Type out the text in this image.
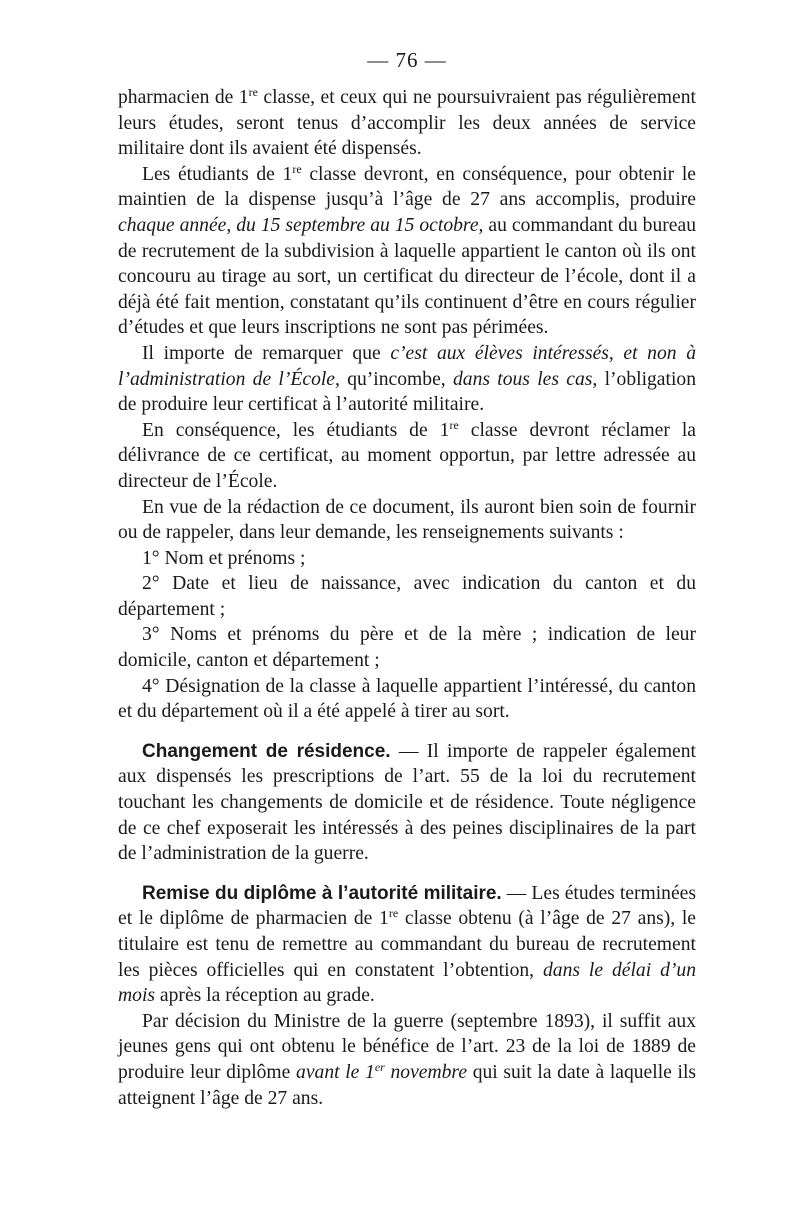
— 76 —

pharmacien de 1re classe, et ceux qui ne poursuivraient pas régulièrement leurs études, seront tenus d’accomplir les deux années de service militaire dont ils avaient été dispensés.

Les étudiants de 1re classe devront, en conséquence, pour obtenir le maintien de la dispense jusqu’à l’âge de 27 ans accomplis, produire chaque année, du 15 septembre au 15 octobre, au commandant du bureau de recrutement de la subdivision à laquelle appartient le canton où ils ont concouru au tirage au sort, un certificat du directeur de l’école, dont il a déjà été fait mention, constatant qu’ils continuent d’être en cours régulier d’études et que leurs inscriptions ne sont pas périmées.

Il importe de remarquer que c’est aux élèves intéressés, et non à l’administration de l’École, qu’incombe, dans tous les cas, l’obligation de produire leur certificat à l’autorité militaire.

En conséquence, les étudiants de 1re classe devront réclamer la délivrance de ce certificat, au moment opportun, par lettre adressée au directeur de l’École.

En vue de la rédaction de ce document, ils auront bien soin de fournir ou de rappeler, dans leur demande, les renseignements suivants :

1° Nom et prénoms ;

2° Date et lieu de naissance, avec indication du canton et du département ;

3° Noms et prénoms du père et de la mère ; indication de leur domicile, canton et département ;

4° Désignation de la classe à laquelle appartient l’intéressé, du canton et du département où il a été appelé à tirer au sort.

Changement de résidence. — Il importe de rappeler également aux dispensés les prescriptions de l’art. 55 de la loi du recrutement touchant les changements de domicile et de résidence. Toute négligence de ce chef exposerait les intéressés à des peines disciplinaires de la part de l’administration de la guerre.

Remise du diplôme à l’autorité militaire. — Les études terminées et le diplôme de pharmacien de 1re classe obtenu (à l’âge de 27 ans), le titulaire est tenu de remettre au commandant du bureau de recrutement les pièces officielles qui en constatent l’obtention, dans le délai d’un mois après la réception au grade.

Par décision du Ministre de la guerre (septembre 1893), il suffit aux jeunes gens qui ont obtenu le bénéfice de l’art. 23 de la loi de 1889 de produire leur diplôme avant le 1er novembre qui suit la date à laquelle ils atteignent l’âge de 27 ans.
